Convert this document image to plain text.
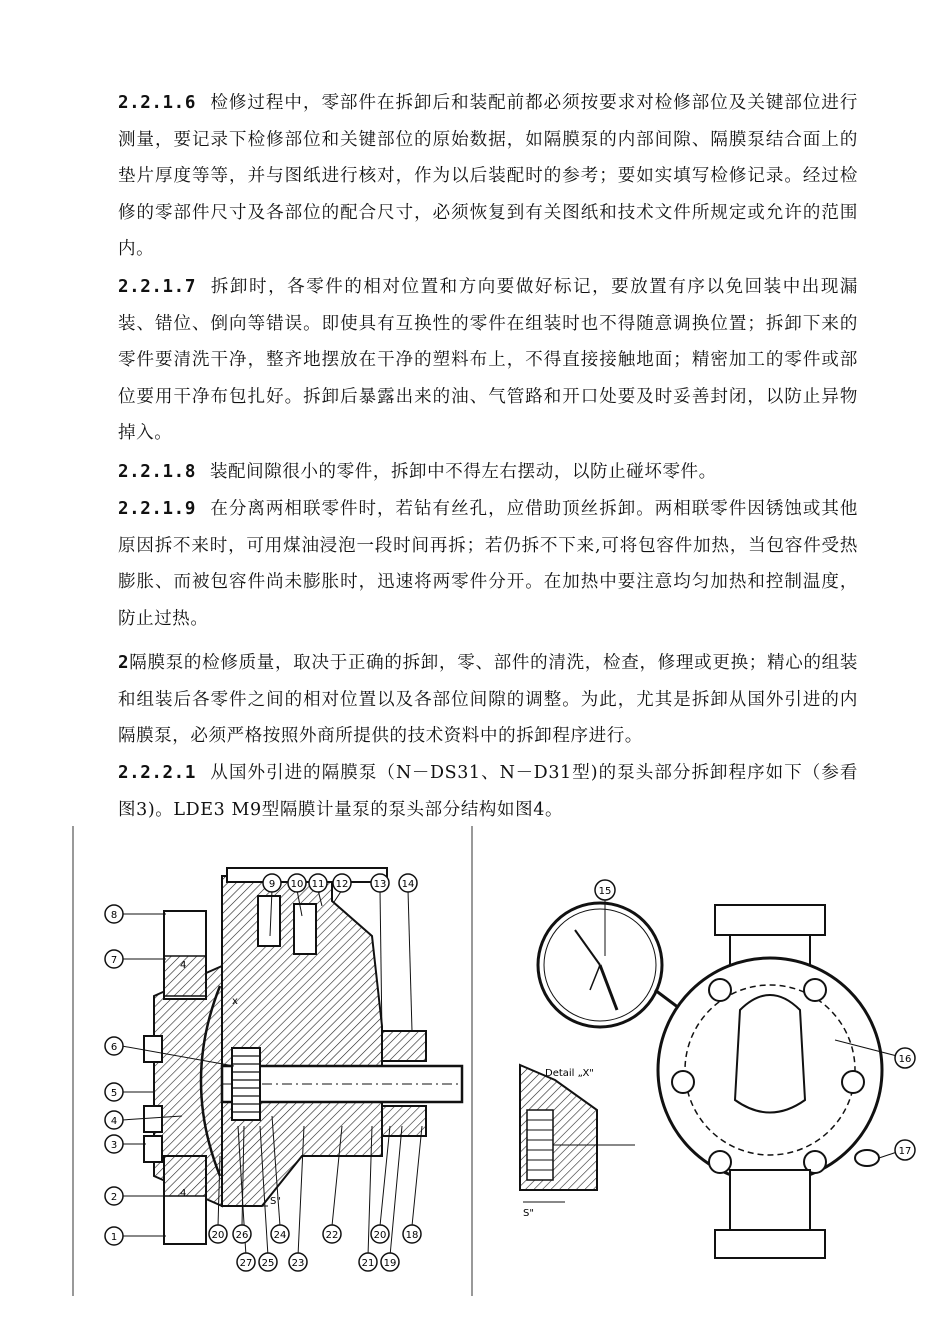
2.2.1.6 检修过程中，零部件在拆卸后和装配前都必须按要求对检修部位及关键部位进行测量，要记录下检修部位和关键部位的原始数据，如隔膜泵的内部间隙、隔膜泵结合面上的垫片厚度等等，并与图纸进行核对，作为以后装配时的参考；要如实填写检修记录。经过检修的零部件尺寸及各部位的配合尺寸，必须恢复到有关图纸和技术文件所规定或允许的范围内。

2.2.1.7 拆卸时，各零件的相对位置和方向要做好标记，要放置有序以免回装中出现漏装、错位、倒向等错误。即使具有互换性的零件在组装时也不得随意调换位置；拆卸下来的零件要清洗干净，整齐地摆放在干净的塑料布上，不得直接接触地面；精密加工的零件或部位要用干净布包扎好。拆卸后暴露出来的油、气管路和开口处要及时妥善封闭，以防止异物掉入。

2.2.1.8 装配间隙很小的零件，拆卸中不得左右摆动，以防止碰坏零件。

2.2.1.9 在分离两相联零件时，若钻有丝孔，应借助顶丝拆卸。两相联零件因锈蚀或其他原因拆不来时，可用煤油浸泡一段时间再拆；若仍拆不下来,可将包容件加热，当包容件受热膨胀、而被包容件尚未膨胀时，迅速将两零件分开。在加热中要注意均匀加热和控制温度，防止过热。

2隔膜泵的检修质量，取决于正确的拆卸，零、部件的清洗，检查，修理或更换；精心的组装和组装后各零件之间的相对位置以及各部位间隙的调整。为此，尤其是拆卸从国外引进的内隔膜泵，必须严格按照外商所提供的技术资料中的拆卸程序进行。

2.2.2.1 从国外引进的隔膜泵（N－DS31、N－D31型)的泵头部分拆卸程序如下（参看图3)。LDE3 M9型隔膜计量泵的泵头部分结构如图4。

4
4
S"
x
8
7
6
5
4
3
2
1
9 10 11 12	13 14
20 26	24
27 25 23
22
21
20
19
18
Detail „X"
S"
15
16
17
